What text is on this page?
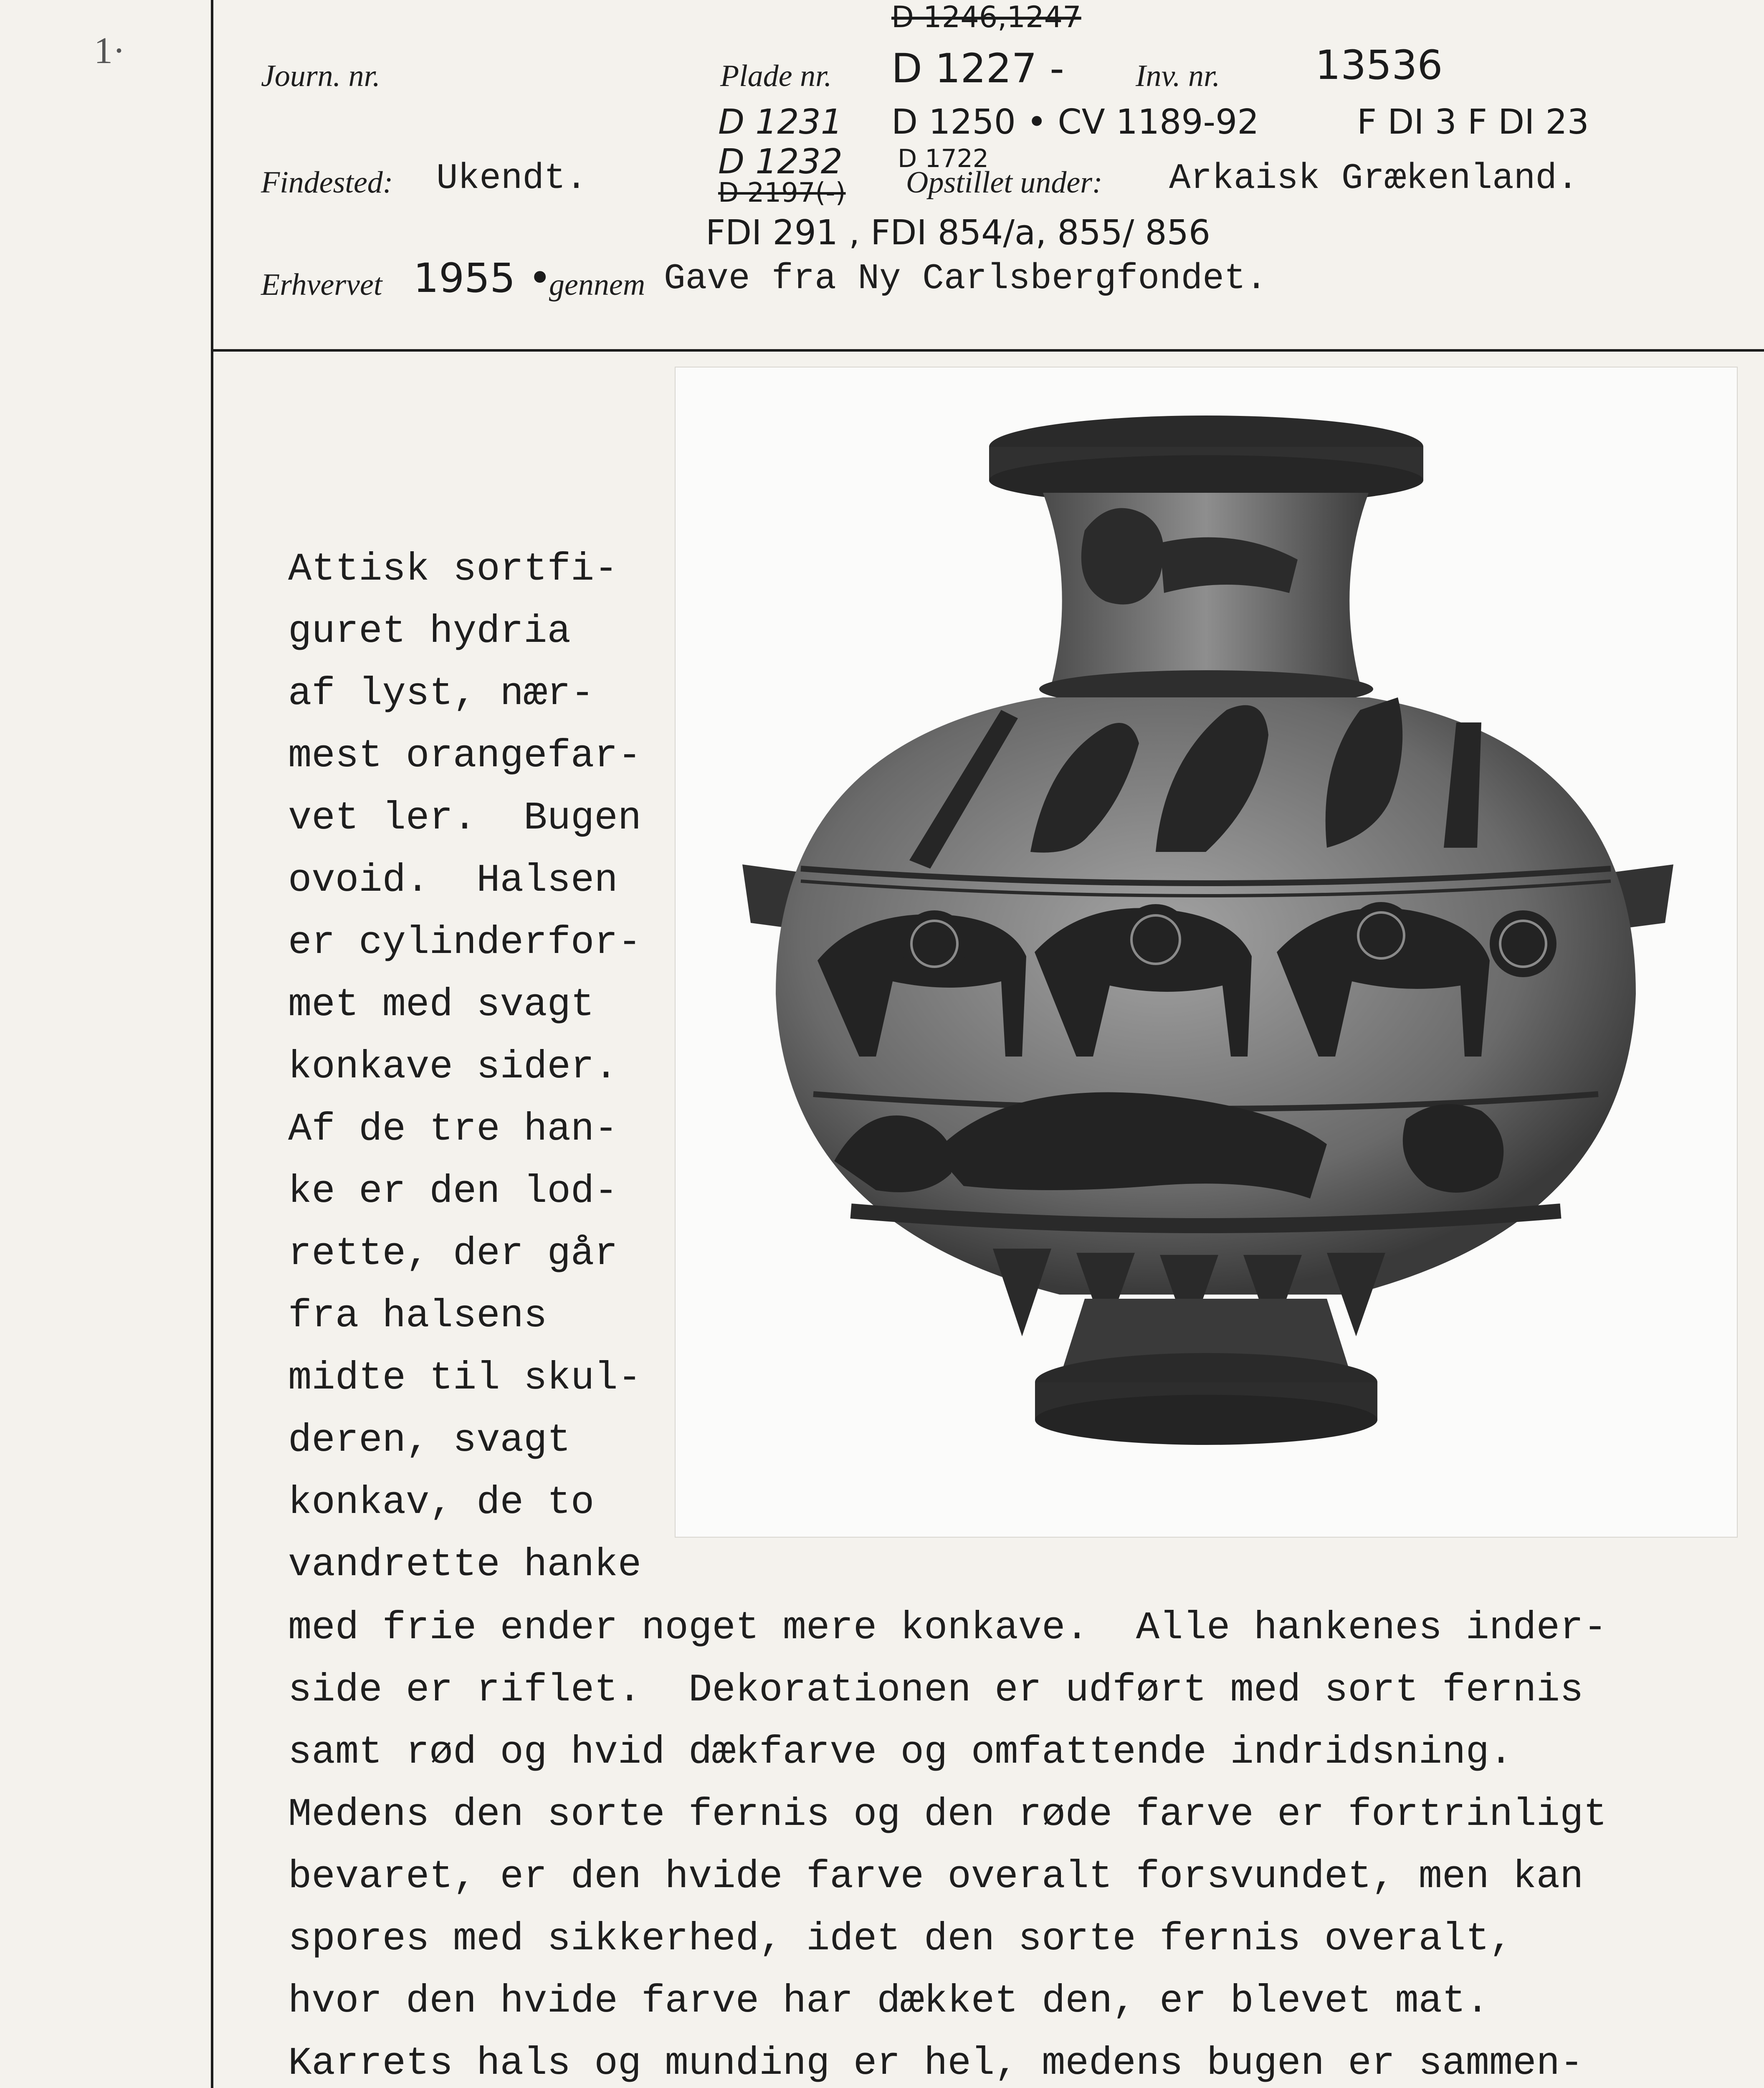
1·
Journ. nr.
D 1246,1247
Plade nr. D 1227 - Inv. nr. 13536
D 1231 D 1250 • CV 1189-92	F DI 3 F DI 23
D 1232 D 1722
Findested: Ukendt.	D 2197(-) Opstillet under: Arkaisk Grækenland.
FDI 291 , FDI 854/a, 855/ 856
Erhvervet 1955 •
gennem Gave fra Ny Carlsbergfondet.
Attisk sortfi-
guret hydria
af lyst, nær-
mest orangefar-
vet ler.  Bugen
ovoid.  Halsen
er cylinderfor-
met med svagt
konkave sider.
Af de tre han-
ke er den lod-
rette, der går
fra halsens
midte til skul-
deren, svagt
konkav, de to
vandrette hanke
med frie ender noget mere konkave.  Alle hankenes inder-
side er riflet.  Dekorationen er udført med sort fernis
samt rød og hvid dækfarve og omfattende indridsning.
Medens den sorte fernis og den røde farve er fortrinligt
bevaret, er den hvide farve overalt forsvundet, men kan
spores med sikkerhed, idet den sorte fernis overalt,
hvor den hvide farve har dækket den, er blevet mat.
Karrets hals og munding er hel, medens bugen er sammen-
